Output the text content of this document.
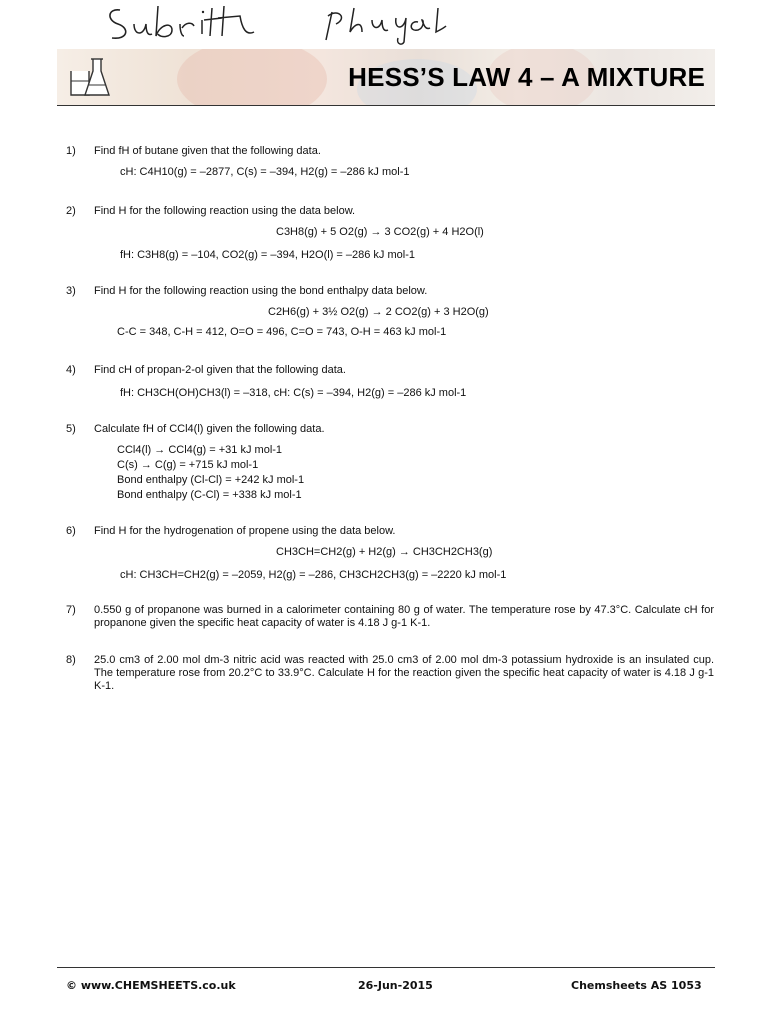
HESS’S LAW 4 – A MIXTURE
1) Find fH of butane given that the following data.
cH: C4H10(g) = –2877, C(s) = –394, H2(g) = –286 kJ mol-1
2) Find H for the following reaction using the data below.
C3H8(g) + 5 O2(g) → 3 CO2(g) + 4 H2O(l)
fH: C3H8(g) = –104, CO2(g) = –394, H2O(l) = –286 kJ mol-1
3) Find H for the following reaction using the bond enthalpy data below.
C2H6(g) + 3½ O2(g) → 2 CO2(g) + 3 H2O(g)
C-C = 348, C-H = 412, O=O = 496, C=O = 743, O-H = 463 kJ mol-1
4) Find cH of propan-2-ol given that the following data.
fH: CH3CH(OH)CH3(l) = –318, cH: C(s) = –394, H2(g) = –286 kJ mol-1
5) Calculate fH of CCl4(l) given the following data.
CCl4(l) → CCl4(g) = +31 kJ mol-1
C(s) → C(g) = +715 kJ mol-1
Bond enthalpy (Cl-Cl) = +242 kJ mol-1
Bond enthalpy (C-Cl) = +338 kJ mol-1
6) Find H for the hydrogenation of propene using the data below.
CH3CH=CH2(g) + H2(g) → CH3CH2CH3(g)
cH: CH3CH=CH2(g) = –2059, H2(g) = –286, CH3CH2CH3(g) = –2220 kJ mol-1
7) 0.550 g of propanone was burned in a calorimeter containing 80 g of water. The temperature rose by 47.3°C. Calculate cH for propanone given the specific heat capacity of water is 4.18 J g-1 K-1.
8) 25.0 cm3 of 2.00 mol dm-3 nitric acid was reacted with 25.0 cm3 of 2.00 mol dm-3 potassium hydroxide is an insulated cup. The temperature rose from 20.2°C to 33.9°C. Calculate H for the reaction given the specific heat capacity of water is 4.18 J g-1 K-1.
© www.CHEMSHEETS.co.uk	26-Jun-2015	Chemsheets AS 1053
